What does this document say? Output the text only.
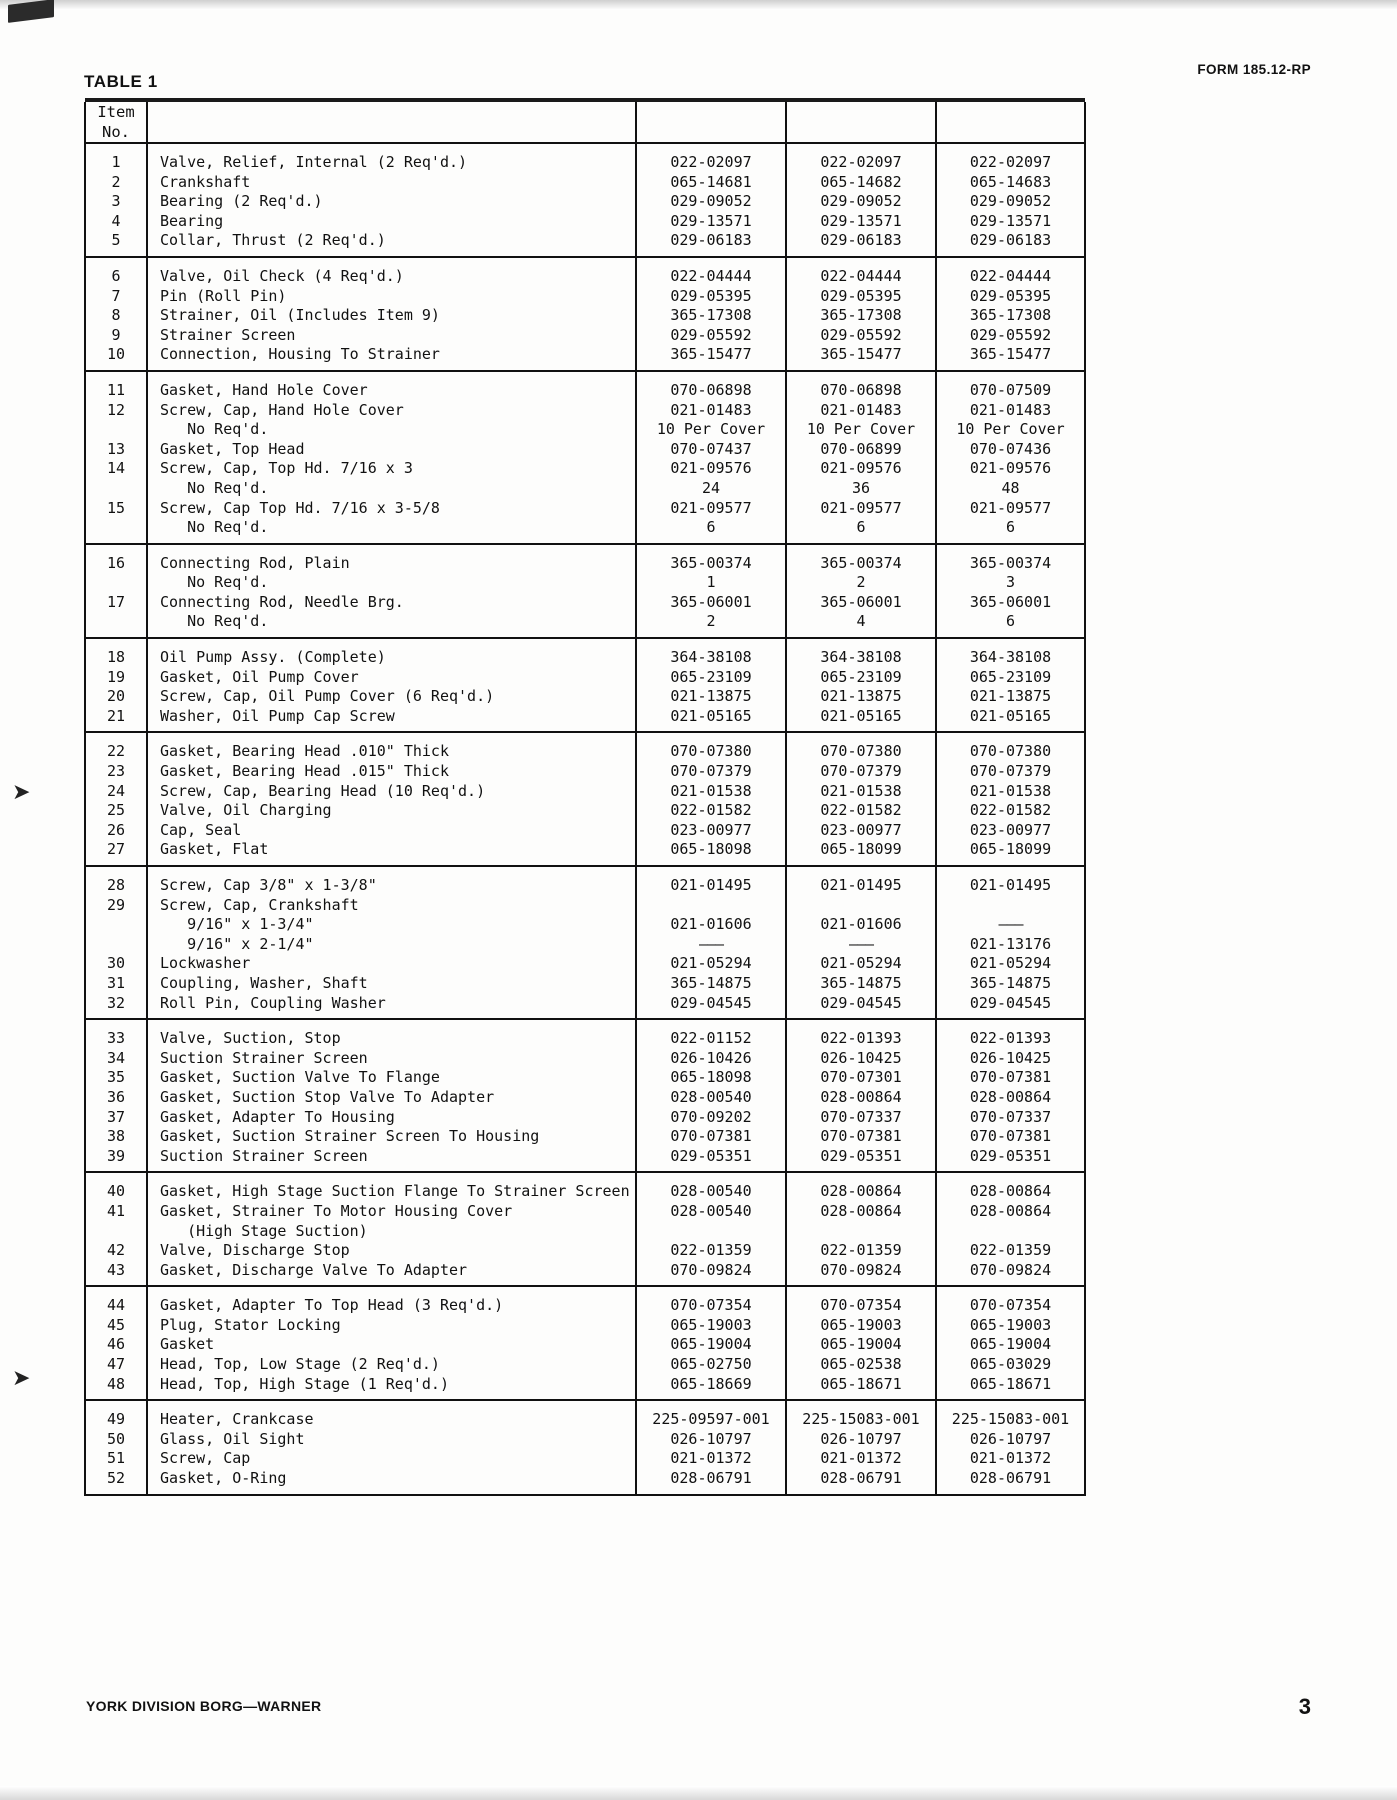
➤
➤
FORM 185.12-RP
TABLE 1

Item
No.				

1	Valve, Relief, Internal (2 Req'd.)	022-02097	022-02097	022-02097
2	Crankshaft	065-14681	065-14682	065-14683
3	Bearing (2 Req'd.)	029-09052	029-09052	029-09052
4	Bearing	029-13571	029-13571	029-13571
5	Collar, Thrust (2 Req'd.)	029-06183	029-06183	029-06183

6	Valve, Oil Check (4 Req'd.)	022-04444	022-04444	022-04444
7	Pin (Roll Pin)	029-05395	029-05395	029-05395
8	Strainer, Oil (Includes Item 9)	365-17308	365-17308	365-17308
9	Strainer Screen	029-05592	029-05592	029-05592
10	Connection, Housing To Strainer	365-15477	365-15477	365-15477

11	Gasket, Hand Hole Cover	070-06898	070-06898	070-07509
12	Screw, Cap, Hand Hole Cover	021-01483	021-01483	021-01483
	No Req'd.	10 Per Cover	10 Per Cover	10 Per Cover
13	Gasket, Top Head	070-07437	070-06899	070-07436
14	Screw, Cap, Top Hd. 7/16 x 3	021-09576	021-09576	021-09576
	No Req'd.	24	36	48
15	Screw, Cap Top Hd. 7/16 x 3-5/8	021-09577	021-09577	021-09577
	No Req'd.	6	6	6

16	Connecting Rod, Plain	365-00374	365-00374	365-00374
	No Req'd.	1	2	3
17	Connecting Rod, Needle Brg.	365-06001	365-06001	365-06001
	No Req'd.	2	4	6

18	Oil Pump Assy. (Complete)	364-38108	364-38108	364-38108
19	Gasket, Oil Pump Cover	065-23109	065-23109	065-23109
20	Screw, Cap, Oil Pump Cover (6 Req'd.)	021-13875	021-13875	021-13875
21	Washer, Oil Pump Cap Screw	021-05165	021-05165	021-05165

22	Gasket, Bearing Head .010" Thick	070-07380	070-07380	070-07380
23	Gasket, Bearing Head .015" Thick	070-07379	070-07379	070-07379
24	Screw, Cap, Bearing Head (10 Req'd.)	021-01538	021-01538	021-01538
25	Valve, Oil Charging	022-01582	022-01582	022-01582
26	Cap, Seal	023-00977	023-00977	023-00977
27	Gasket, Flat	065-18098	065-18099	065-18099

28	Screw, Cap 3/8" x 1-3/8"	021-01495	021-01495	021-01495
29	Screw, Cap, Crankshaft			
	9/16" x 1-3/4"	021-01606	021-01606	———
	9/16" x 2-1/4"	———	———	021-13176
30	Lockwasher	021-05294	021-05294	021-05294
31	Coupling, Washer, Shaft	365-14875	365-14875	365-14875
32	Roll Pin, Coupling Washer	029-04545	029-04545	029-04545

33	Valve, Suction, Stop	022-01152	022-01393	022-01393
34	Suction Strainer Screen	026-10426	026-10425	026-10425
35	Gasket, Suction Valve To Flange	065-18098	070-07301	070-07381
36	Gasket, Suction Stop Valve To Adapter	028-00540	028-00864	028-00864
37	Gasket, Adapter To Housing	070-09202	070-07337	070-07337
38	Gasket, Suction Strainer Screen To Housing	070-07381	070-07381	070-07381
39	Suction Strainer Screen	029-05351	029-05351	029-05351

40	Gasket, High Stage Suction Flange To Strainer Screen	028-00540	028-00864	028-00864
41	Gasket, Strainer To Motor Housing Cover	028-00540	028-00864	028-00864
	(High Stage Suction)			
42	Valve, Discharge Stop	022-01359	022-01359	022-01359
43	Gasket, Discharge Valve To Adapter	070-09824	070-09824	070-09824

44	Gasket, Adapter To Top Head (3 Req'd.)	070-07354	070-07354	070-07354
45	Plug, Stator Locking	065-19003	065-19003	065-19003
46	Gasket	065-19004	065-19004	065-19004
47	Head, Top, Low Stage (2 Req'd.)	065-02750	065-02538	065-03029
48	Head, Top, High Stage (1 Req'd.)	065-18669	065-18671	065-18671

49	Heater, Crankcase	225-09597-001	225-15083-001	225-15083-001
50	Glass, Oil Sight	026-10797	026-10797	026-10797
51	Screw, Cap	021-01372	021-01372	021-01372
52	Gasket, O-Ring	028-06791	028-06791	028-06791

YORK DIVISION BORG—WARNER	3
